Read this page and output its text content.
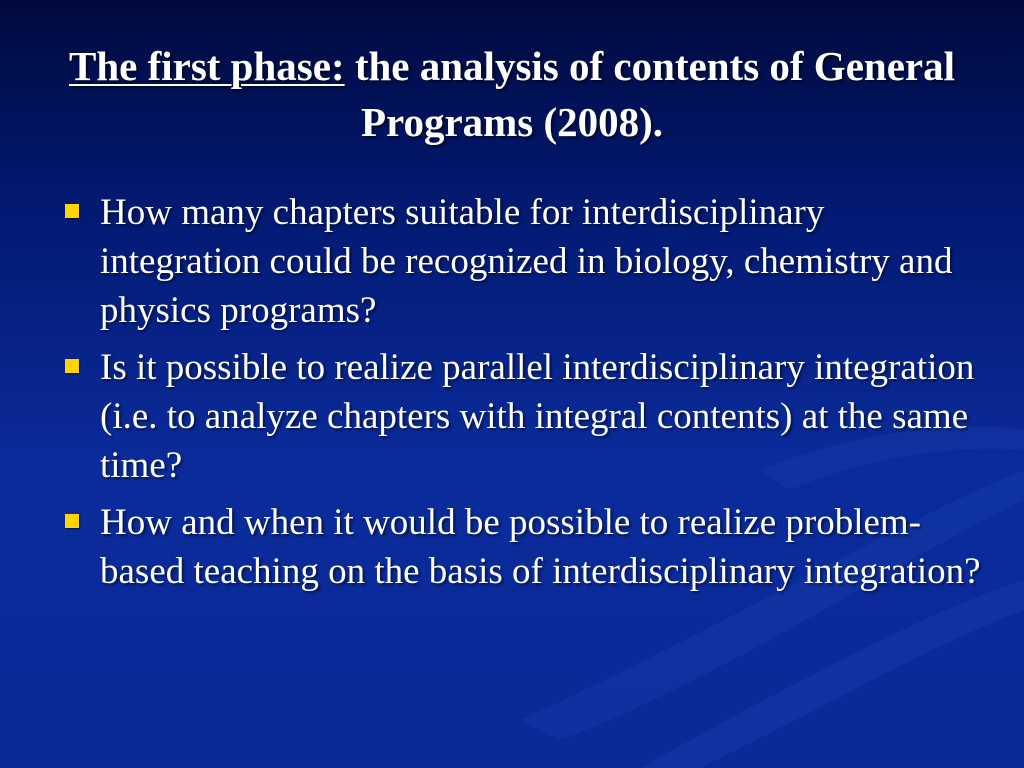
The first phase: the analysis of contents of General Programs (2008).
How many chapters suitable for interdisciplinary integration could be recognized in biology, chemistry and physics programs?
Is it possible to realize parallel interdisciplinary integration (i.e. to analyze chapters with integral contents) at the same time?
How and when it would be possible to realize problem-based teaching on the basis of interdisciplinary integration?
